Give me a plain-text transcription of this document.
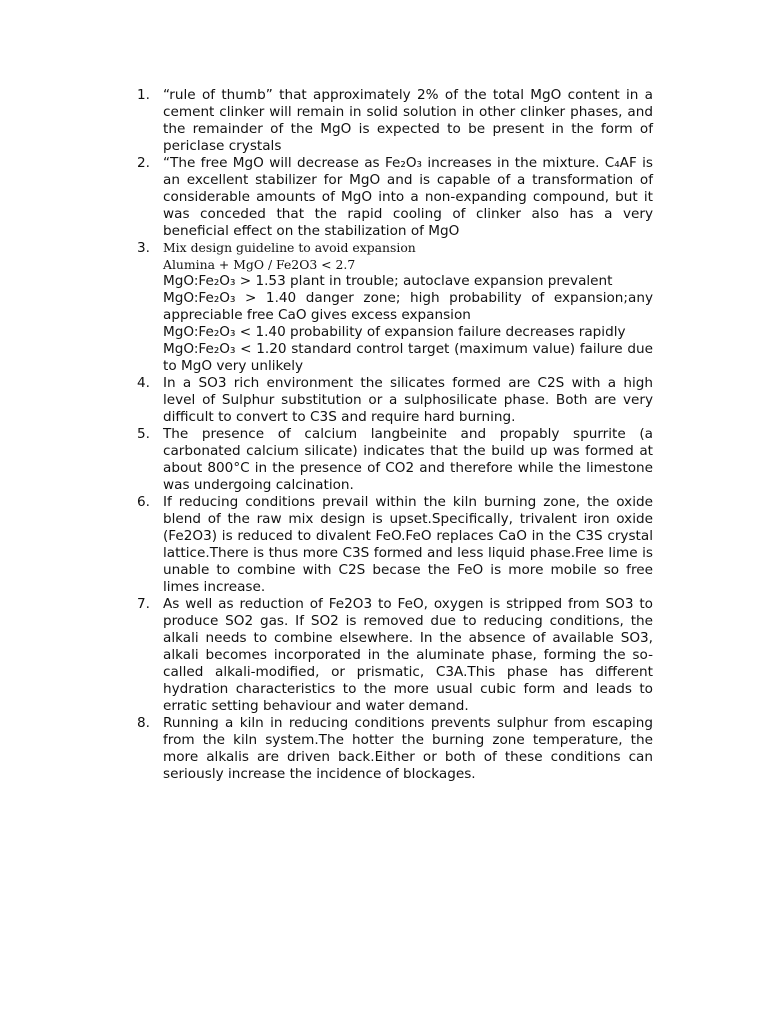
1. “rule of thumb” that approximately 2% of the total MgO content in a cement clinker will remain in solid solution in other clinker phases, and the remainder of the MgO is expected to be present in the form of periclase crystals
2. “The free MgO will decrease as Fe₂O₃ increases in the mixture. C₄AF is an excellent stabilizer for MgO and is capable of a transformation of considerable amounts of MgO into a non-expanding compound, but it was conceded that the rapid cooling of clinker also has a very beneficial effect on the stabilization of MgO
3.	Mix design guideline to avoid expansion
Alumina + MgO / Fe2O3 < 2.7
MgO:Fe₂O₃ > 1.53 plant in trouble; autoclave expansion prevalent
MgO:Fe₂O₃ > 1.40 danger zone; high probability of expansion;any appreciable free CaO gives excess expansion
MgO:Fe₂O₃ < 1.40 probability of expansion failure decreases rapidly
MgO:Fe₂O₃ < 1.20 standard control target (maximum value) failure due to MgO very unlikely
4. In a SO3 rich environment the silicates formed are C2S with a high level of Sulphur substitution or a sulphosilicate phase. Both are very difficult to convert to C3S and require hard burning.
5. The presence of calcium langbeinite and propably spurrite (a carbonated calcium silicate) indicates that the build up was formed at about 800°C in the presence of CO2 and therefore while the limestone was undergoing calcination.
6. If reducing conditions prevail within the kiln burning zone, the oxide blend of the raw mix design is upset.Specifically, trivalent iron oxide (Fe2O3) is reduced to divalent FeO.FeO replaces CaO in the C3S crystal lattice.There is thus more C3S formed and less liquid phase.Free lime is unable to combine with C2S becase the FeO is more mobile so free limes increase.
7. As well as reduction of Fe2O3 to FeO, oxygen is stripped from SO3 to produce SO2 gas. If SO2 is removed due to reducing conditions, the alkali needs to combine elsewhere. In the absence of available SO3, alkali becomes incorporated in the aluminate phase, forming the so-called alkali-modified, or prismatic, C3A.This phase has different hydration characteristics to the more usual cubic form and leads to erratic setting behaviour and water demand.
8. Running a kiln in reducing conditions prevents sulphur from escaping from the kiln system.The hotter the burning zone temperature, the more alkalis are driven back.Either or both of these conditions can seriously increase the incidence of blockages.
